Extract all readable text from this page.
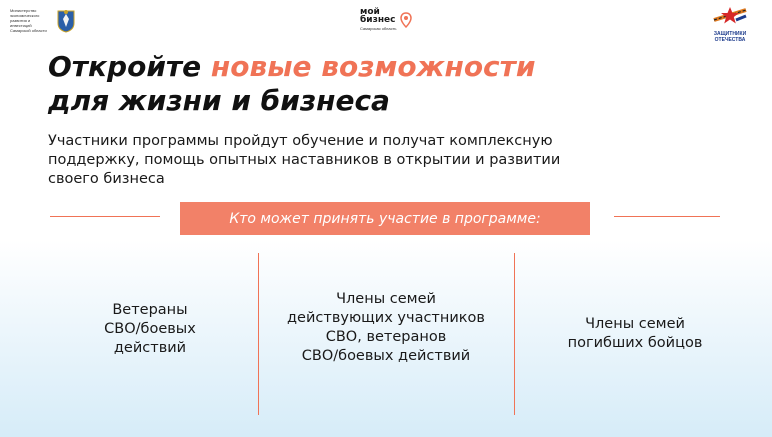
Министерство экономического развития и инвестиций Самарской области
мой
бизнес
Самарская область
ЗАЩИТНИКИ ОТЕЧЕСТВА
Откройте новые возможности
для жизни и бизнеса
Участники программы пройдут обучение и получат комплексную поддержку, помощь опытных наставников в открытии и развитии своего бизнеса
Кто может принять участие в программе:
Ветераны
СВО/боевых
действий
Члены семей
действующих участников
СВО, ветеранов
СВО/боевых действий
Члены семей
погибших бойцов
